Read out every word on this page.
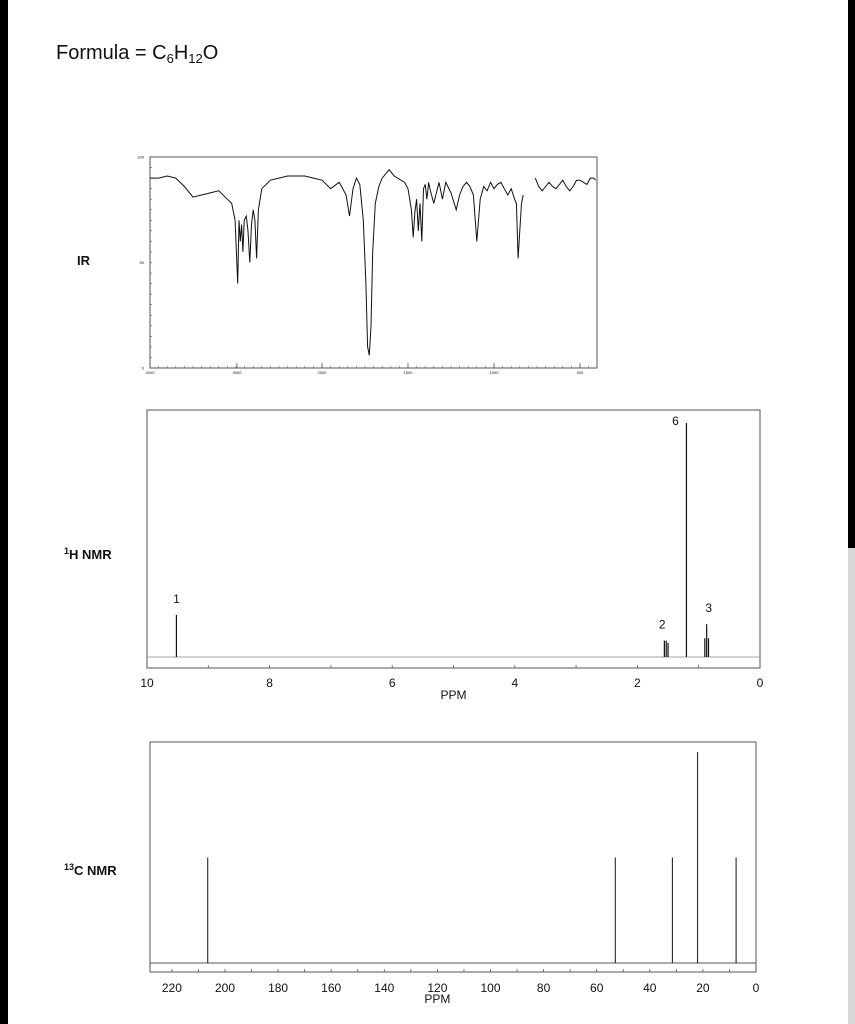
Formula = $C_6H_{12}O$
IR
$^1$H NMR
$^{13}$C NMR
4000	3000	2000	1500	1000	500
0
50
100
10	8	6	4	2	0
PPM
1
2
6
3
220	200	180	160	140	120	100	80	60	40	20	0
PPM
